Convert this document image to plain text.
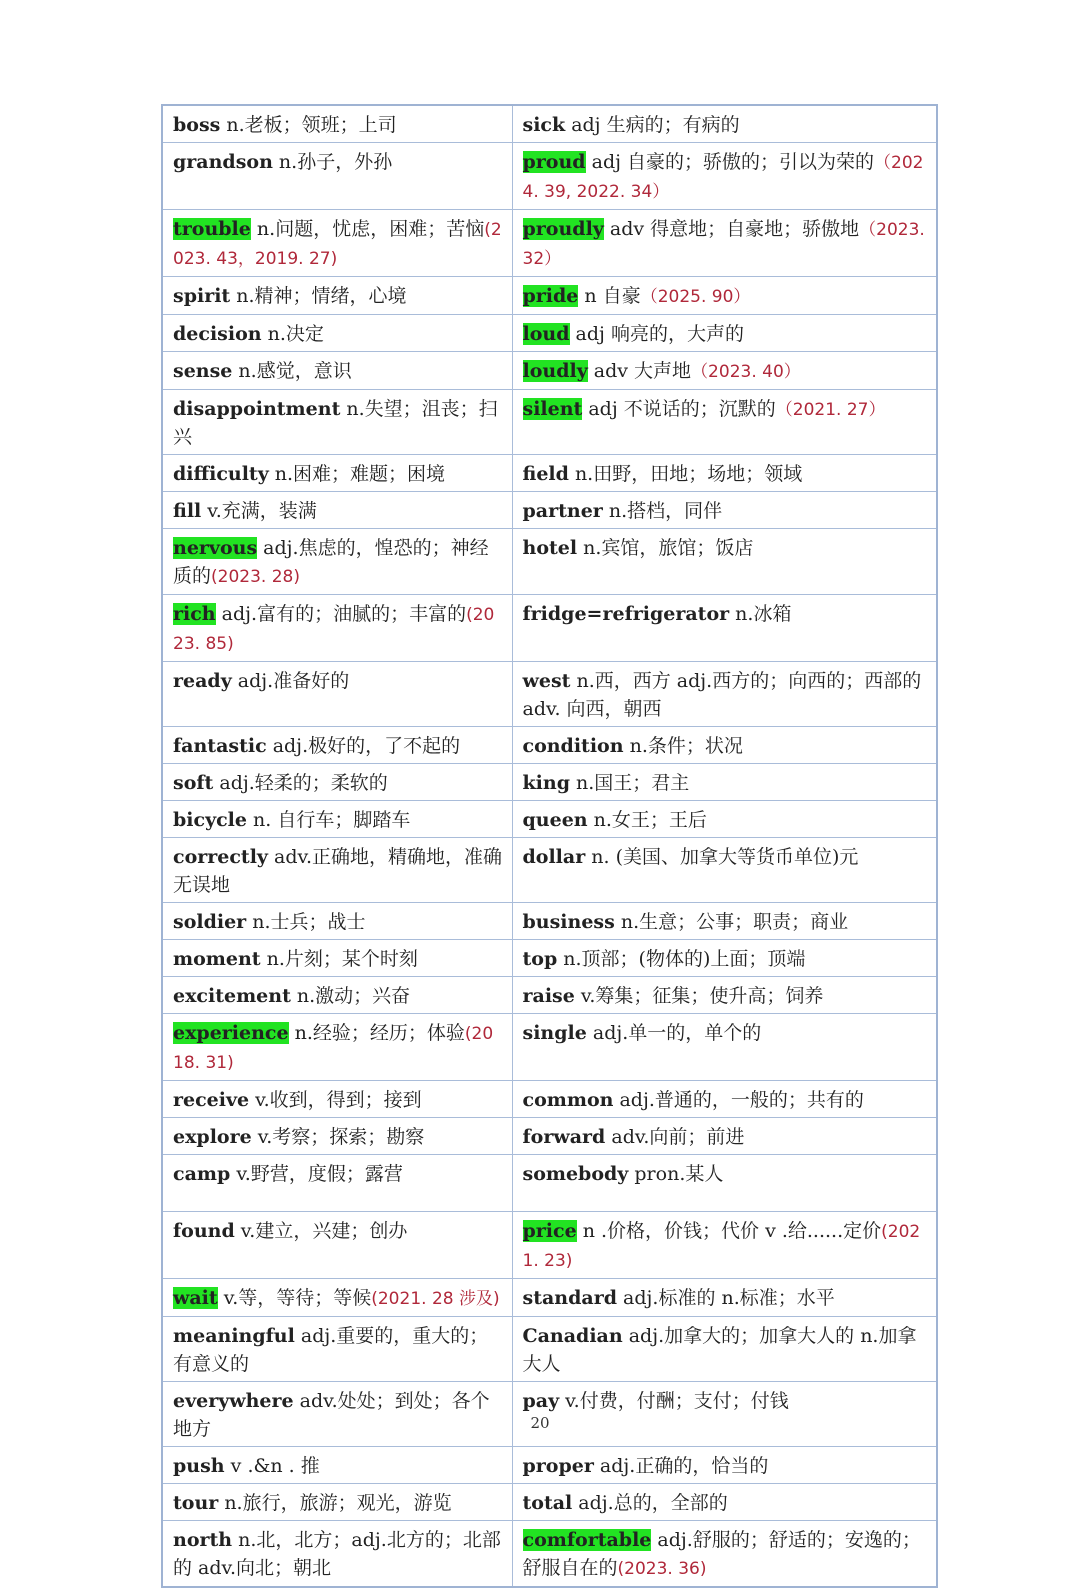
boss n.老板；领班；上司	sick adj 生病的；有病的
grandson n.孙子，外孙	proud adj 自豪的；骄傲的；引以为荣的（2024. 39, 2022. 34）
trouble n.问题，忧虑，困难；苦恼(2023. 43，2019. 27)	proudly adv 得意地；自豪地；骄傲地（2023. 32）
spirit n.精神；情绪，心境	pride n 自豪（2025. 90）
decision n.决定	loud adj 响亮的，大声的
sense n.感觉，意识	loudly adv 大声地（2023. 40）
disappointment n.失望；沮丧；扫兴	silent adj 不说话的；沉默的（2021. 27）
difficulty n.困难；难题；困境	field n.田野，田地；场地；领域
fill v.充满，装满	partner n.搭档，同伴
nervous adj.焦虑的，惶恐的；神经质的(2023. 28)	hotel n.宾馆，旅馆；饭店
rich adj.富有的；油腻的；丰富的(2023. 85)	fridge=refrigerator n.冰箱
ready adj.准备好的	west n.西，西方 adj.西方的；向西的；西部的 adv. 向西，朝西
fantastic adj.极好的，了不起的	condition n.条件；状况
soft adj.轻柔的；柔软的	king n.国王；君主
bicycle n. 自行车；脚踏车	queen n.女王；王后
correctly adv.正确地，精确地，准确无误地	dollar n. (美国、加拿大等货币单位)元
soldier n.士兵；战士	business n.生意；公事；职责；商业
moment n.片刻；某个时刻	top n.顶部；(物体的)上面；顶端
excitement n.激动；兴奋	raise v.筹集；征集；使升高；饲养
experience n.经验；经历；体验(2018. 31)	single adj.单一的，单个的
receive v.收到，得到；接到	common adj.普通的，一般的；共有的
explore v.考察；探索；勘察	forward adv.向前；前进
camp v.野营，度假；露营	somebody pron.某人
found v.建立，兴建；创办	price n .价格，价钱；代价 v .给......定价(2021. 23)
wait v.等，等待；等候(2021. 28 涉及)	standard adj.标准的 n.标准；水平
meaningful adj.重要的，重大的；有意义的	Canadian adj.加拿大的；加拿大人的 n.加拿大人
everywhere adv.处处；到处；各个地方	pay v.付费，付酬；支付；付钱
push v .&n . 推	proper adj.正确的，恰当的
tour n.旅行，旅游；观光，游览	total adj.总的，全部的
north n.北，北方；adj.北方的；北部的 adv.向北；朝北	comfortable adj.舒服的；舒适的；安逸的；舒服自在的(2023. 36)
20
